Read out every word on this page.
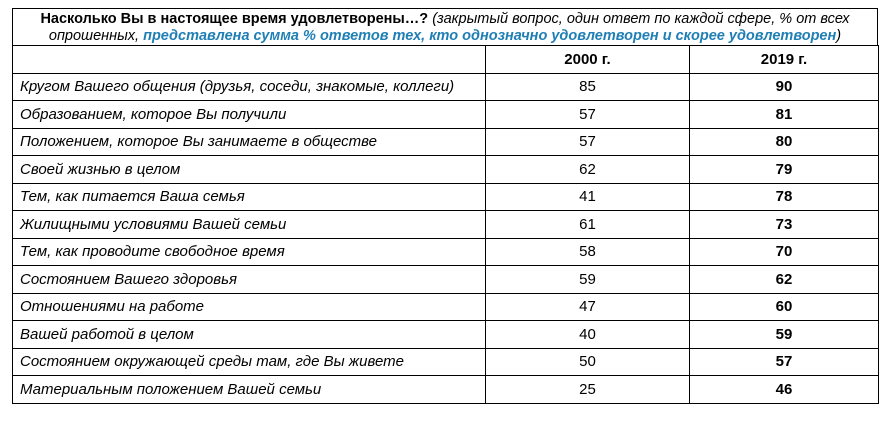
Насколько Вы в настоящее время удовлетворены…? (закрытый вопрос, один ответ по каждой сфере, % от всех опрошенных, представлена сумма % ответов тех, кто однозначно удовлетворен и скорее удовлетворен)
	2000 г.	2019 г.
Кругом Вашего общения (друзья, соседи, знакомые, коллеги)	85	90
Образованием, которое Вы получили	57	81
Положением, которое Вы занимаете в обществе	57	80
Своей жизнью в целом	62	79
Тем, как питается Ваша семья	41	78
Жилищными условиями Вашей семьи	61	73
Тем, как проводите свободное время	58	70
Состоянием Вашего здоровья	59	62
Отношениями на работе	47	60
Вашей работой в целом	40	59
Состоянием окружающей среды там, где Вы живете	50	57
Материальным положением Вашей семьи	25	46
